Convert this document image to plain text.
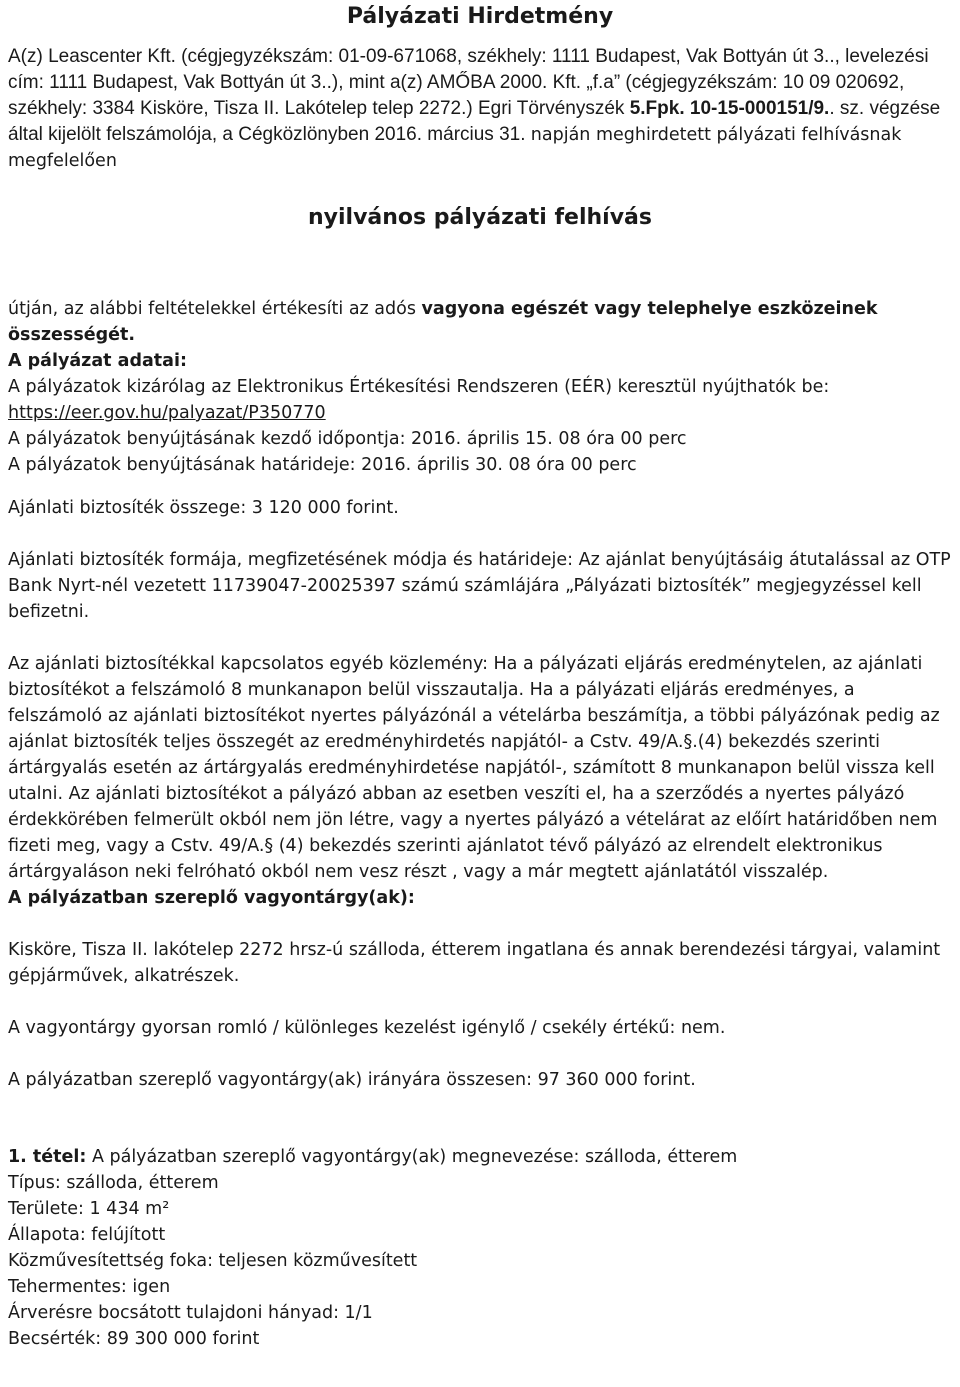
Pályázati Hirdetmény

A(z) Leascenter Kft. (cégjegyzékszám: 01-09-671068, székhely: 1111 Budapest, Vak Bottyán út 3.., levelezési cím: 1111 Budapest, Vak Bottyán út 3..), mint a(z) AMŐBA 2000. Kft. „f.a” (cégjegyzékszám: 10 09 020692, székhely: 3384 Kisköre, Tisza II. Lakótelep telep 2272.) Egri Törvényszék 5.Fpk. 10-15-000151/9.. sz. végzése által kijelölt felszámolója, a Cégközlönyben 2016. március 31. napján meghirdetett pályázati felhívásnak megfelelően

nyilvános pályázati felhívás

útján, az alábbi feltételekkel értékesíti az adós vagyona egészét vagy telephelye eszközeinek összességét.

A pályázat adatai:

A pályázatok kizárólag az Elektronikus Értékesítési Rendszeren (EÉR) keresztül nyújthatók be:

https://eer.gov.hu/palyazat/P350770

A pályázatok benyújtásának kezdő időpontja: 2016. április 15. 08 óra 00 perc

A pályázatok benyújtásának határideje: 2016. április 30. 08 óra 00 perc

Ajánlati biztosíték összege: 3 120 000 forint.

Ajánlati biztosíték formája, megfizetésének módja és határideje: Az ajánlat benyújtásáig átutalással az OTP Bank Nyrt-nél vezetett 11739047-20025397 számú számlájára „Pályázati biztosíték” megjegyzéssel kell befizetni.

Az ajánlati biztosítékkal kapcsolatos egyéb közlemény: Ha a pályázati eljárás eredménytelen, az ajánlati biztosítékot a felszámoló 8 munkanapon belül visszautalja. Ha a pályázati eljárás eredményes, a felszámoló az ajánlati biztosítékot nyertes pályázónál a vételárba beszámítja, a többi pályázónak pedig az ajánlat biztosíték teljes összegét az eredményhirdetés napjától- a Cstv. 49/A.§.(4) bekezdés szerinti ártárgyalás esetén az ártárgyalás eredményhirdetése napjától-, számított 8 munkanapon belül vissza kell utalni. Az ajánlati biztosítékot a pályázó abban az esetben veszíti el, ha a szerződés a nyertes pályázó érdekkörében felmerült okból nem jön létre, vagy a nyertes pályázó a vételárat az előírt határidőben nem fizeti meg, vagy a Cstv. 49/A.§ (4) bekezdés szerinti ajánlatot tévő pályázó az elrendelt elektronikus ártárgyaláson neki felróható okból nem vesz részt , vagy a már megtett ajánlatától visszalép.

A pályázatban szereplő vagyontárgy(ak):

Kisköre, Tisza II. lakótelep 2272 hrsz-ú szálloda, étterem ingatlana és annak berendezési tárgyai, valamint gépjárművek, alkatrészek.

A vagyontárgy gyorsan romló / különleges kezelést igénylő / csekély értékű: nem.

A pályázatban szereplő vagyontárgy(ak) irányára összesen: 97 360 000 forint.

1. tétel: A pályázatban szereplő vagyontárgy(ak) megnevezése: szálloda, étterem

Típus: szálloda, étterem

Területe: 1 434 m²

Állapota: felújított

Közművesítettség foka: teljesen közművesített

Tehermentes: igen

Árverésre bocsátott tulajdoni hányad: 1/1

Becsérték: 89 300 000 forint
